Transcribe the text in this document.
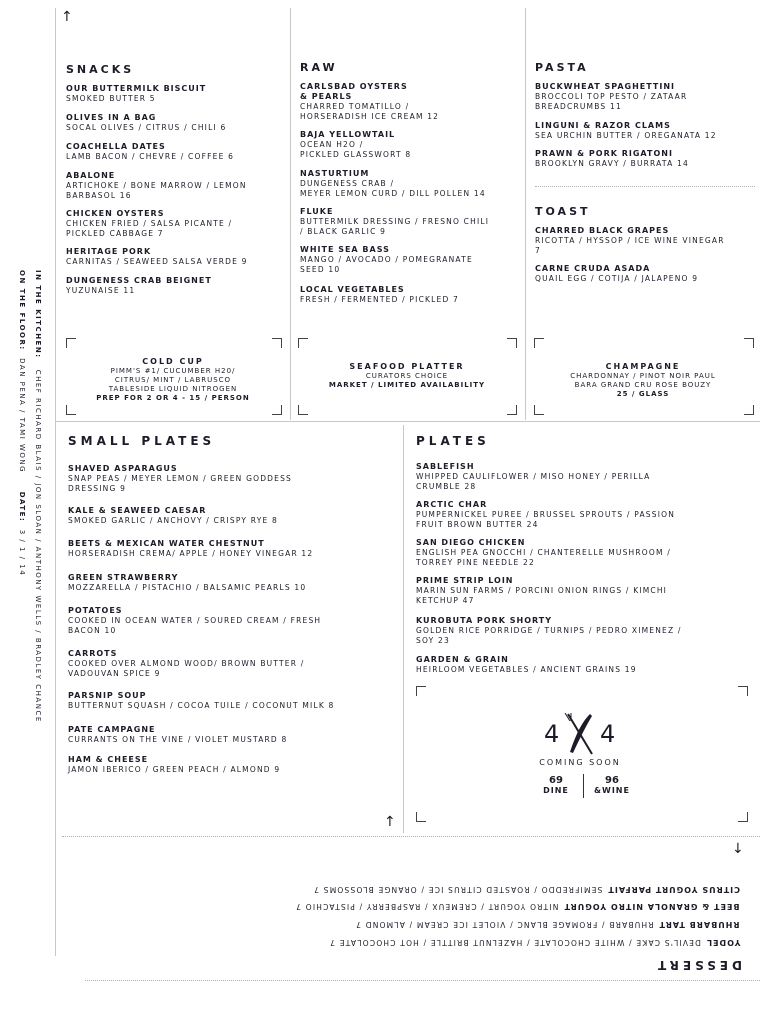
↑
↑
↓
IN THE KITCHEN:   CHEF RICHARD BLAIS / JON SLOAN / ANTHONY WELLS / BRADLEY CHANCE
ON THE FLOOR:  DAN PENA / TAMI WONG     DATE:  3 / 1 / 14
SNACKS
OUR BUTTERMILK BISCUIT
SMOKED BUTTER 5
OLIVES IN A BAG
SOCAL OLIVES / CITRUS / CHILI 6
COACHELLA DATES
LAMB BACON / CHEVRE / COFFEE 6
ABALONE
ARTICHOKE / BONE MARROW / LEMON
BARBASOL 16
CHICKEN OYSTERS
CHICKEN FRIED / SALSA PICANTE /
PICKLED CABBAGE 7
HERITAGE PORK
CARNITAS / SEAWEED SALSA VERDE 9
DUNGENESS CRAB BEIGNET
YUZUNAISE 11
RAW
CARLSBAD OYSTERS
& PEARLS
CHARRED TOMATILLO /
HORSERADISH ICE CREAM 12
BAJA YELLOWTAIL
OCEAN H2O /
PICKLED GLASSWORT 8
NASTURTIUM
DUNGENESS CRAB /
MEYER LEMON CURD / DILL POLLEN 14
FLUKE
BUTTERMILK DRESSING / FRESNO CHILI
/ BLACK GARLIC 9
WHITE SEA BASS
MANGO / AVOCADO / POMEGRANATE
SEED 10
LOCAL VEGETABLES
FRESH / FERMENTED / PICKLED 7
PASTA
BUCKWHEAT SPAGHETTINI
BROCCOLI TOP PESTO / ZATAAR
BREADCRUMBS 11
LINGUNI & RAZOR CLAMS
SEA URCHIN BUTTER / OREGANATA 12
PRAWN & PORK RIGATONI
BROOKLYN GRAVY / BURRATA 14
TOAST
CHARRED BLACK GRAPES
RICOTTA / HYSSOP / ICE WINE VINEGAR
7
CARNE CRUDA ASADA
QUAIL EGG / COTIJA / JALAPENO 9
COLD CUP
PIMM'S #1/ CUCUMBER H20/
CITRUS/ MINT / LABRUSCO
TABLESIDE LIQUID NITROGEN
PREP FOR 2 OR 4 - 15 / PERSON
SEAFOOD PLATTER
CURATORS CHOICE
MARKET / LIMITED AVAILABILITY
CHAMPAGNE
CHARDONNAY / PINOT NOIR PAUL
BARA GRAND CRU ROSE BOUZY
25 / GLASS
SMALL PLATES
SHAVED ASPARAGUS
SNAP PEAS / MEYER LEMON / GREEN GODDESS
DRESSING 9
KALE & SEAWEED CAESAR
SMOKED GARLIC / ANCHOVY / CRISPY RYE 8
BEETS & MEXICAN WATER CHESTNUT
HORSERADISH CREMA/ APPLE / HONEY VINEGAR 12
GREEN STRAWBERRY
MOZZARELLA / PISTACHIO / BALSAMIC PEARLS 10
POTATOES
COOKED IN OCEAN WATER / SOURED CREAM / FRESH
BACON 10
CARROTS
COOKED OVER ALMOND WOOD/ BROWN BUTTER /
VADOUVAN SPICE 9
PARSNIP SOUP
BUTTERNUT SQUASH / COCOA TUILE / COCONUT MILK 8
PATE CAMPAGNE
CURRANTS ON THE VINE / VIOLET MUSTARD 8
HAM & CHEESE
JAMON IBERICO / GREEN PEACH / ALMOND 9
PLATES
SABLEFISH
WHIPPED CAULIFLOWER / MISO HONEY / PERILLA
CRUMBLE 28
ARCTIC CHAR
PUMPERNICKEL PUREE / BRUSSEL SPROUTS / PASSION
FRUIT BROWN BUTTER 24
SAN DIEGO CHICKEN
ENGLISH PEA GNOCCHI / CHANTERELLE MUSHROOM /
TORREY PINE NEEDLE 22
PRIME STRIP LOIN
MARIN SUN FARMS / PORCINI ONION RINGS / KIMCHI
KETCHUP 47
KUROBUTA PORK SHORTY
GOLDEN RICE PORRIDGE / TURNIPS / PEDRO XIMENEZ /
SOY 23
GARDEN & GRAIN
HEIRLOOM VEGETABLES / ANCIENT GRAINS 19
4 4
COMING SOON
69
DINE
96
&WINE
CITRUS YOGURT PARFAIT SEMIFREDDO / ROASTED CITRUS ICE / ORANGE BLOSSOMS 7
BEET & GRANOLA NITRO YOGURT NITRO YOGURT / CREMEUX / RASPBERRY / PISTACHIO 7
RHUBARB TART RHUBARB / FROMAGE BLANC / VIOLET ICE CREAM / ALMOND 7
YODEL DEVIL'S CAKE / WHITE CHOCOLATE / HAZELNUT BRITTLE / HOT CHOCOLATE 7
DESSERT
